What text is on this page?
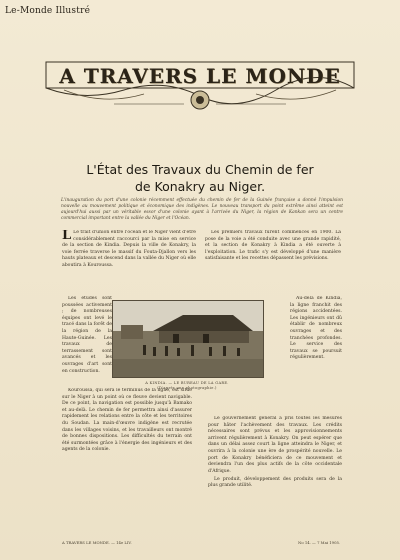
Le-Monde Illustré
A TRAVERS LE MONDE
L'État des Travaux du Chemin de fer
de Konakry au Niger.
L'inauguration du port d'une colonie récemment effectuée du chemin de fer de la Guinée française a donné l'impulsion nouvelle au mouvement politique et économique des indigènes. Le nouveau transport du point extrême ainsi atteint est aujourd'hui aussi par un véritable essor d'une colonie ayant à l'arrivée du Niger, la région de Kankan sera un centre commercial important entre la vallée du Niger et l'Océan.
L Le trait d'union entre l'océan et le Niger vient d'être considérablement raccourci par la mise en service de la section de Kindia. Depuis la ville de Konakry, la voie ferrée traverse le massif du Fouta-Djallon vers les hauts plateaux et descend dans la vallée du Niger où elle aboutira à Kouroussa.

Les premiers travaux furent commencés en 1900. La pose de la voie a été conduite avec une grande rapidité, et la section de Konakry à Kindia a été ouverte à l'exploitation. Le trafic s'y est développé d'une manière satisfaisante et les recettes dépassent les prévisions.

Les études sont poussées activement ; de nombreuses équipes ont levé le tracé dans la forêt de la région de la Haute-Guinée. Les travaux de terrassement sont avancés et les ouvrages d'art sont en construction.

A KINDIA. — LE BUREAU DE LA GARE.
(D'après une photographie.)

Au-delà de Kindia, la ligne franchit des régions accidentées. Les ingénieurs ont dû établir de nombreux ouvrages et des tranchées profondes. Le service des travaux se poursuit régulièrement.

Kouroussa, qui sera le terminus de la ligne, est situé sur le Niger à un point où ce fleuve devient navigable. De ce point, la navigation est possible jusqu'à Bamako et au-delà. Le chemin de fer permettra ainsi d'assurer rapidement les relations entre la côte et les territoires du Soudan. La main-d'œuvre indigène est recrutée dans les villages voisins, et les travailleurs ont montré de bonnes dispositions. Les difficultés du terrain ont été surmontées grâce à l'énergie des ingénieurs et des agents de la colonie.

Le gouvernement général a pris toutes les mesures pour hâter l'achèvement des travaux. Les crédits nécessaires sont prévus et les approvisionnements arrivent régulièrement à Konakry. On peut espérer que dans un délai assez court la ligne atteindra le Niger, et ouvrira à la colonie une ère de prospérité nouvelle. Le port de Konakry bénéficiera de ce mouvement et deviendra l'un des plus actifs de la côte occidentale d'Afrique.

Le produit, développement des produits sera de la plus grande utilité.

A TRAVERS LE MONDE. — 14e LIV.	No 14. — 7 Mai 1905.
